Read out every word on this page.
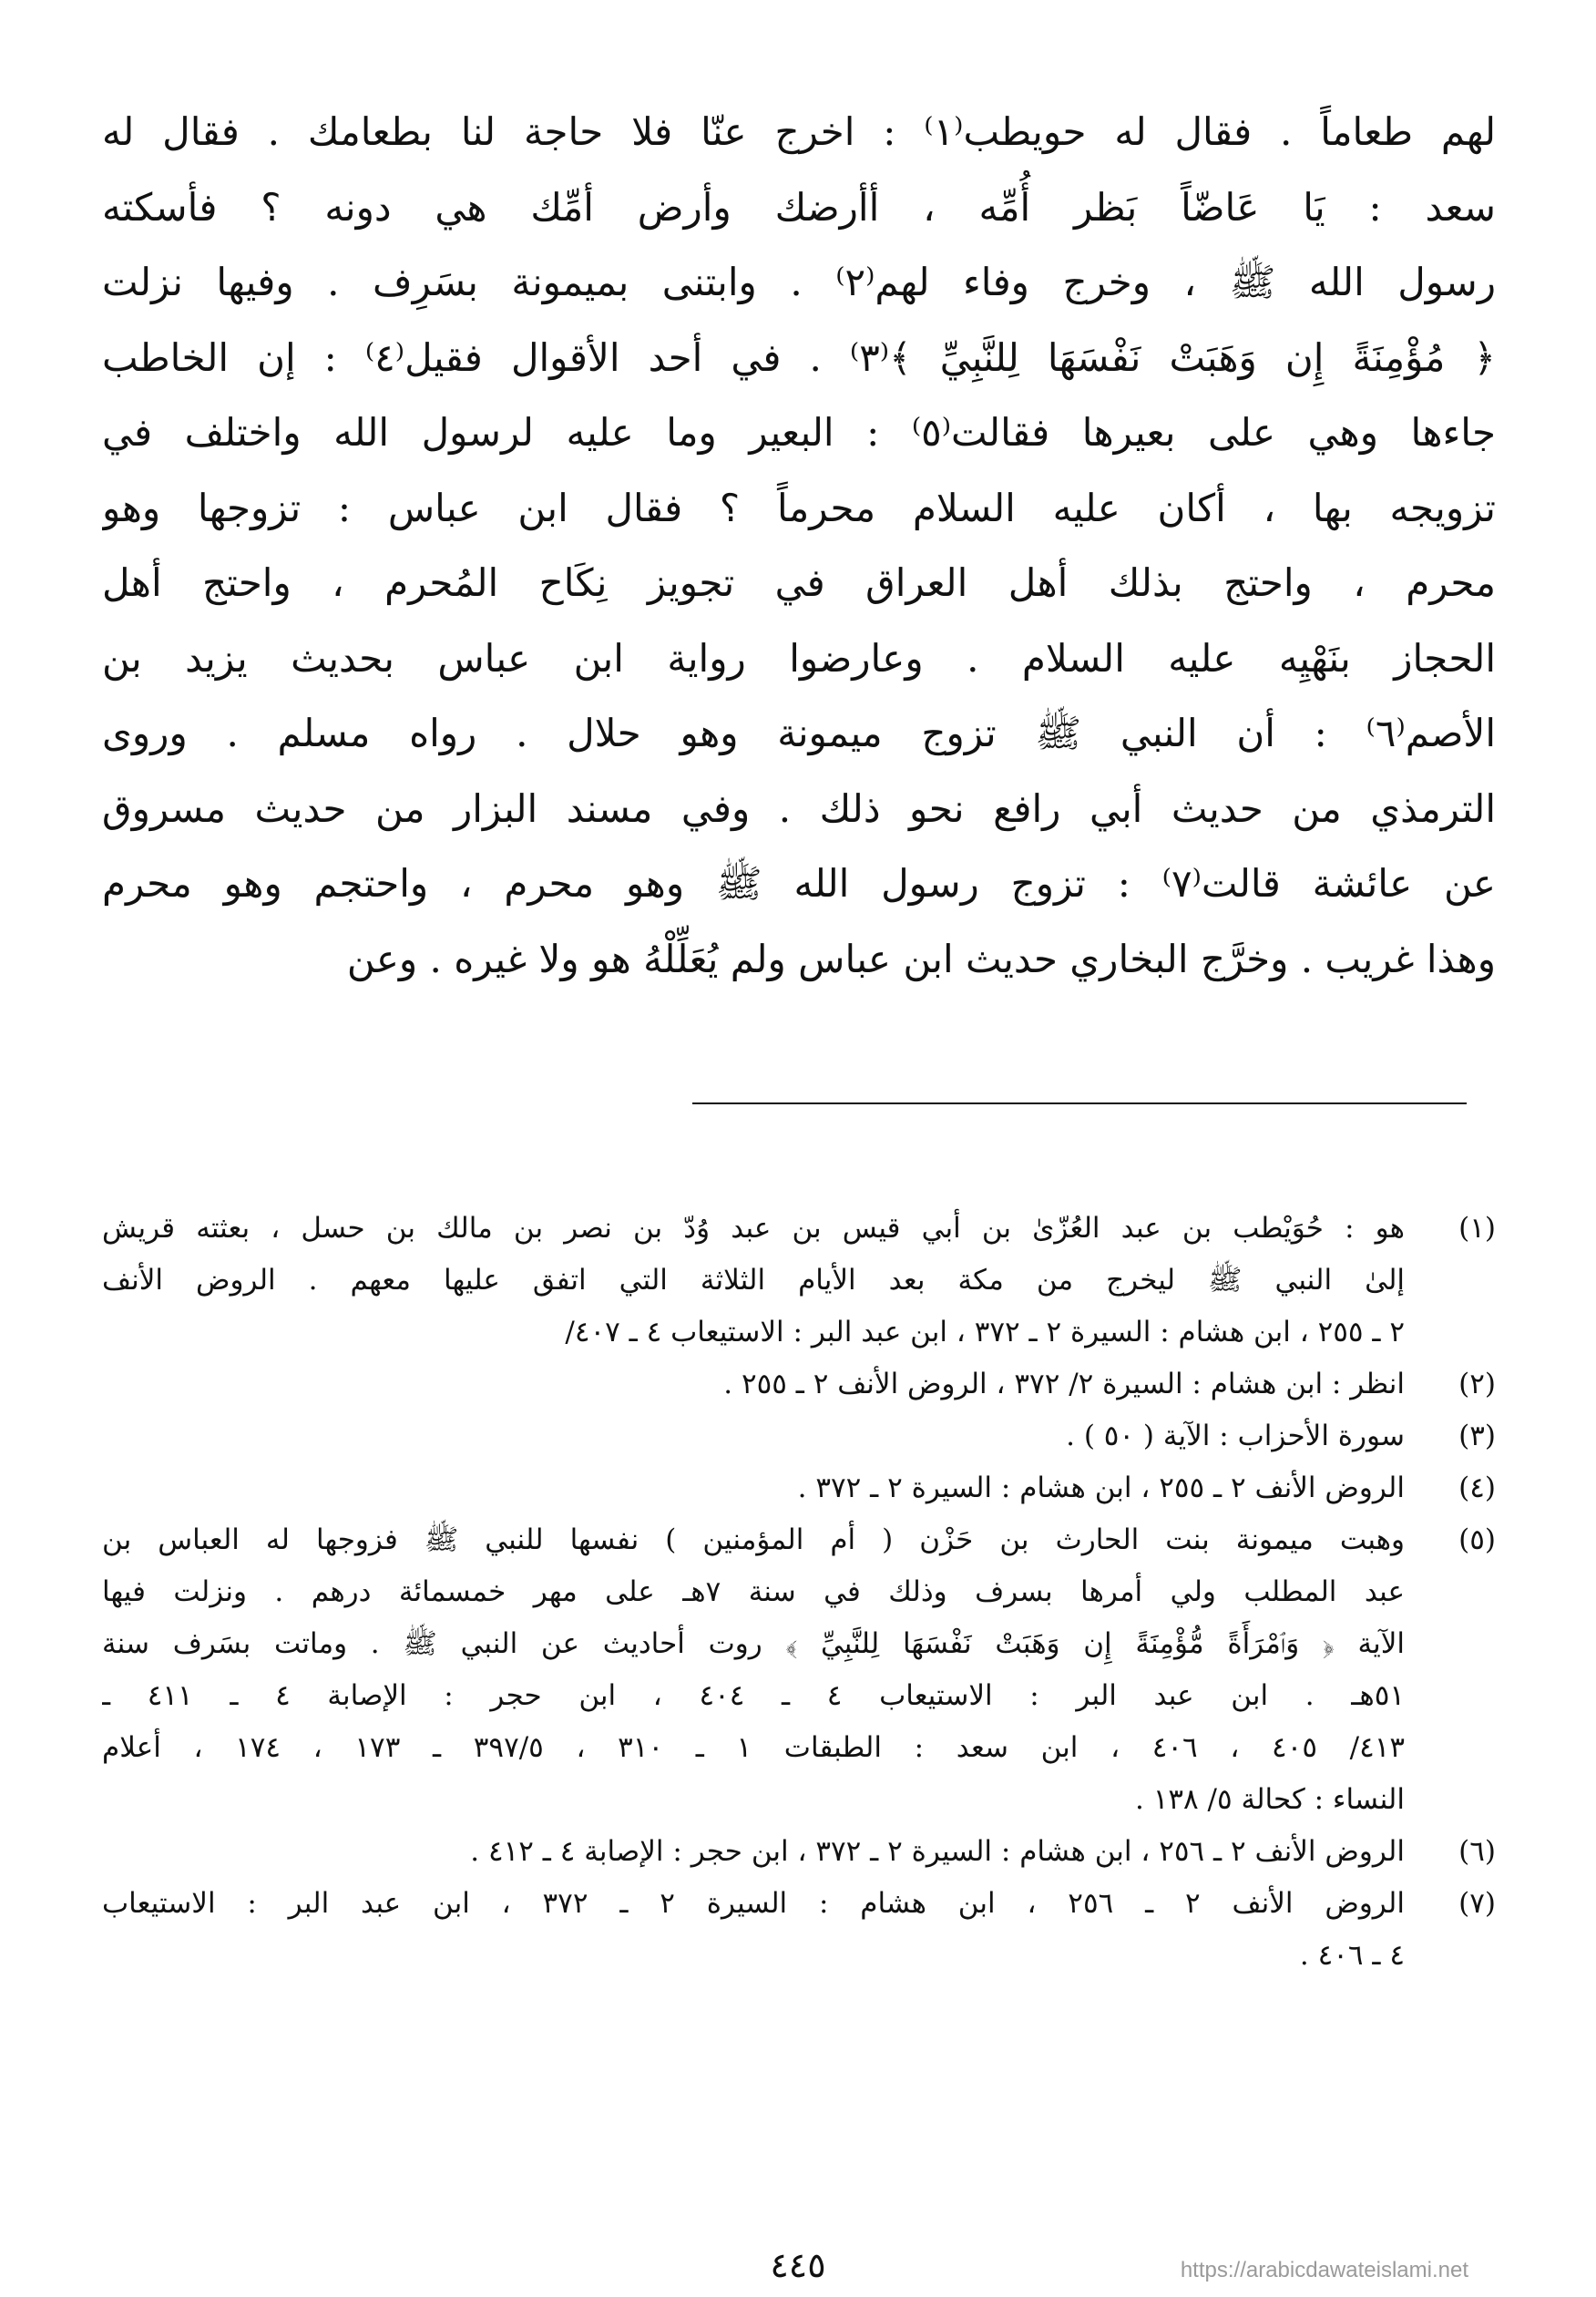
لهم طعاماً . فقال له حويطب⁽١⁾ : اخرج عنّا فلا حاجة لنا بطعامك . فقال له
سعد : يَا عَاضّاً بَظر أُمِّه ، أأرضك وأرض أمِّك هي دونه ؟ فأسكته
رسول الله ﷺ ، وخرج وفاء لهم⁽٢⁾ . وابتنى بميمونة بسَرِف . وفيها نزلت
﴿ مُؤْمِنَةً إِن وَهَبَتْ نَفْسَهَا لِلنَّبِيِّ ﴾⁽٣⁾ . في أحد الأقوال فقيل⁽٤⁾ : إن الخاطب
جاءها وهي على بعيرها فقالت⁽٥⁾ : البعير وما عليه لرسول الله واختلف في
تزويجه بها ، أكان عليه السلام محرماً ؟ فقال ابن عباس : تزوجها وهو
محرم ، واحتج بذلك أهل العراق في تجويز نِكَاح المُحرم ، واحتج أهل
الحجاز بنَهْيِه عليه السلام . وعارضوا رواية ابن عباس بحديث يزيد بن
الأصم⁽٦⁾ : أن النبي ﷺ تزوج ميمونة وهو حلال . رواه مسلم . وروى
الترمذي من حديث أبي رافع نحو ذلك . وفي مسند البزار من حديث مسروق
عن عائشة قالت⁽٧⁾ : تزوج رسول الله ﷺ وهو محرم ، واحتجم وهو محرم
وهذا غريب . وخرَّج البخاري حديث ابن عباس ولم يُعَلِّلْهُ هو ولا غيره . وعن
(١)
هو : حُوَيْطب بن عبد العُزّىٰ بن أبي قيس بن عبد وُدّ بن نصر بن مالك بن حسل ، بعثته قريش
إلىٰ النبي ﷺ ليخرج من مكة بعد الأيام الثلاثة التي اتفق عليها معهم . الروض الأنف
٢ ـ ٢٥٥ ، ابن هشام : السيرة ٢ ـ ٣٧٢ ، ابن عبد البر : الاستيعاب ٤ ـ ٤٠٧/
(٢)
انظر : ابن هشام : السيرة ٢/ ٣٧٢ ، الروض الأنف ٢ ـ ٢٥٥ .
(٣)
سورة الأحزاب : الآية ( ٥٠ ) .
(٤)
الروض الأنف ٢ ـ ٢٥٥ ، ابن هشام : السيرة ٢ ـ ٣٧٢ .
(٥)
وهبت ميمونة بنت الحارث بن حَزْن ( أم المؤمنين ) نفسها للنبي ﷺ فزوجها له العباس بن
عبد المطلب ولي أمرها بسرف وذلك في سنة ٧هـ على مهر خمسمائة درهم . ونزلت فيها
الآية ﴿ وَٱمْرَأَةً مُّؤْمِنَةً إِن وَهَبَتْ نَفْسَهَا لِلنَّبِيِّ ﴾ روت أحاديث عن النبي ﷺ . وماتت بسَرف سنة
٥١هـ . ابن عبد البر : الاستيعاب ٤ ـ ٤٠٤ ، ابن حجر : الإصابة ٤ ـ ٤١١ ـ
٤١٣/ ٤٠٥ ، ٤٠٦ ، ابن سعد : الطبقات ١ ـ ٣١٠ ، ٣٩٧/٥ ـ ١٧٣ ، ١٧٤ ، أعلام
النساء : كحالة ٥/ ١٣٨ .
(٦)
الروض الأنف ٢ ـ ٢٥٦ ، ابن هشام : السيرة ٢ ـ ٣٧٢ ، ابن حجر : الإصابة ٤ ـ ٤١٢ .
(٧)
الروض الأنف ٢ ـ ٢٥٦ ، ابن هشام : السيرة ٢ ـ ٣٧٢ ، ابن عبد البر : الاستيعاب
٤ ـ ٤٠٦ .
٤٤٥	https://arabicdawateislami.net
